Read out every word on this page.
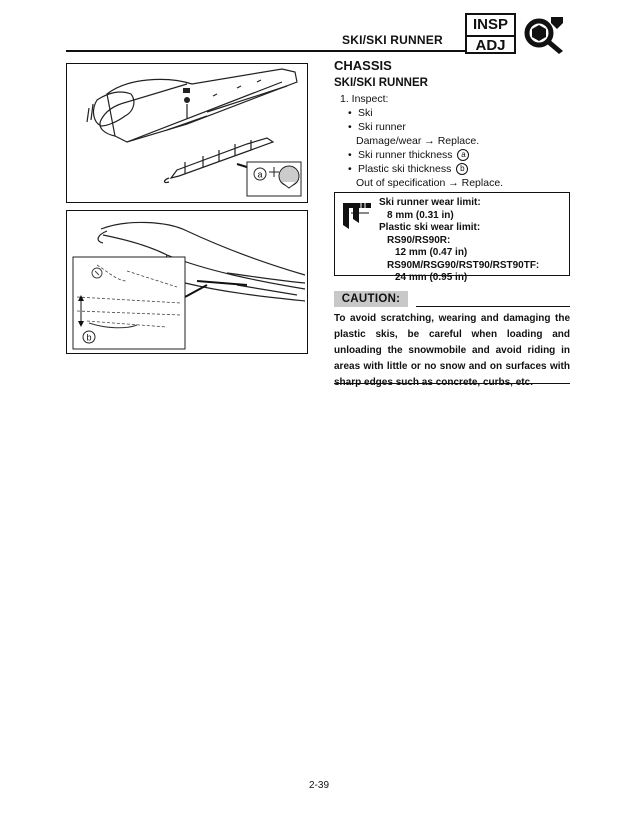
SKI/SKI RUNNER
INSP
ADJ
a
b
CHASSIS
SKI/SKI RUNNER
1. Inspect:
• Ski
• Ski runner
Damage/wear → Replace.
• Ski runner thickness a
• Plastic ski thickness b
Out of specification → Replace.
Ski runner wear limit:
8 mm (0.31 in)
Plastic ski wear limit:
RS90/RS90R:
12 mm (0.47 in)
RS90M/RSG90/RST90/RST90TF:
24 mm (0.95 in)
CAUTION:
To avoid scratching, wearing and damaging the plastic skis, be careful when loading and unloading the snowmobile and avoid riding in areas with little or no snow and on surfaces with
2-39
